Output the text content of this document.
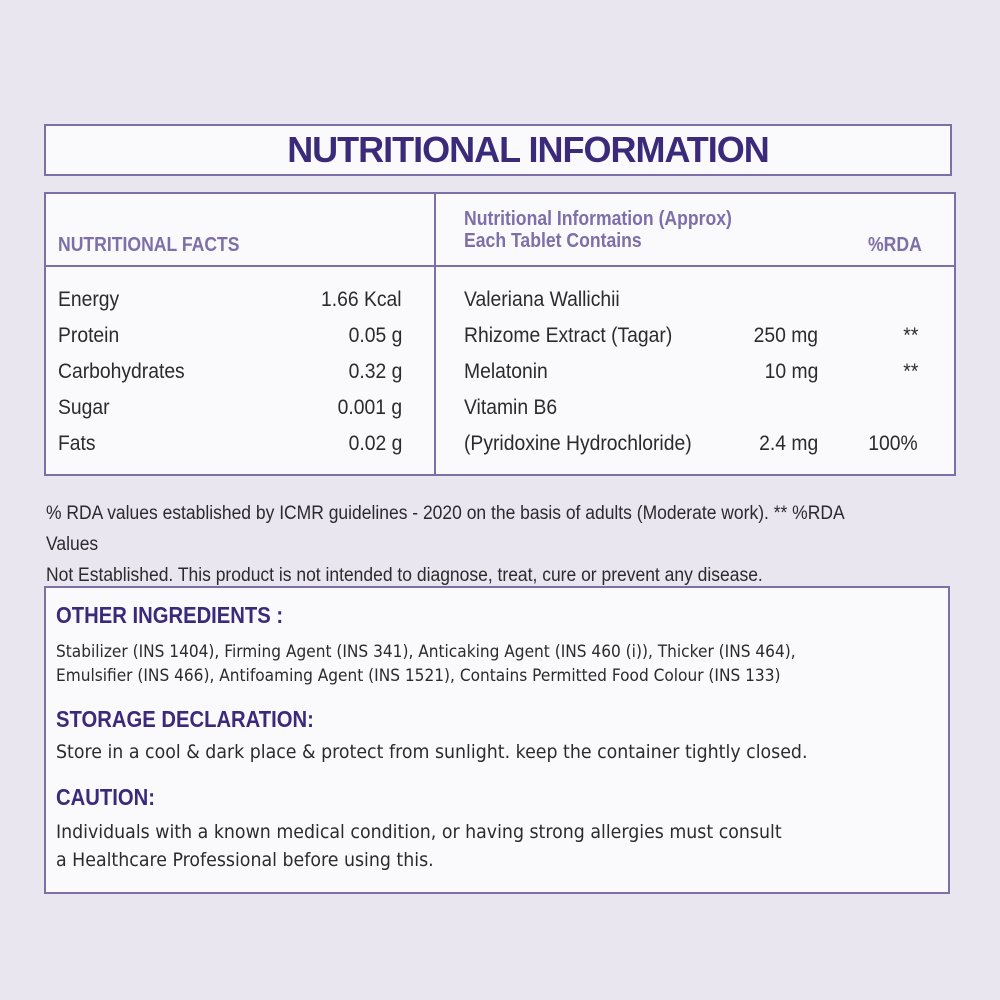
NUTRITIONAL INFORMATION
NUTRITIONAL FACTS
Nutritional Information (Approx)
Each Tablet Contains	%RDA
Energy	1.66 Kcal
Protein	0.05 g
Carbohydrates	0.32 g
Sugar	0.001 g
Fats	0.02 g
Valeriana Wallichii
Rhizome Extract (Tagar)	250 mg	**
Melatonin	10 mg	**
Vitamin B6
(Pyridoxine Hydrochloride)	2.4 mg 100%

% RDA values established by ICMR guidelines - 2020 on the basis of adults (Moderate work). ** %RDA Values

Not Established. This product is not intended to diagnose, treat, cure or prevent any disease.

OTHER INGREDIENTS :

Stabilizer (INS 1404), Firming Agent (INS 341), Anticaking Agent (INS 460 (i)), Thicker (INS 464),

Emulsifier (INS 466), Antifoaming Agent (INS 1521), Contains Permitted Food Colour (INS 133)

STORAGE DECLARATION:

Store in a cool & dark place & protect from sunlight. keep the container tightly closed.

CAUTION:

Individuals with a known medical condition, or having strong allergies must consult

a Healthcare Professional before using this.
